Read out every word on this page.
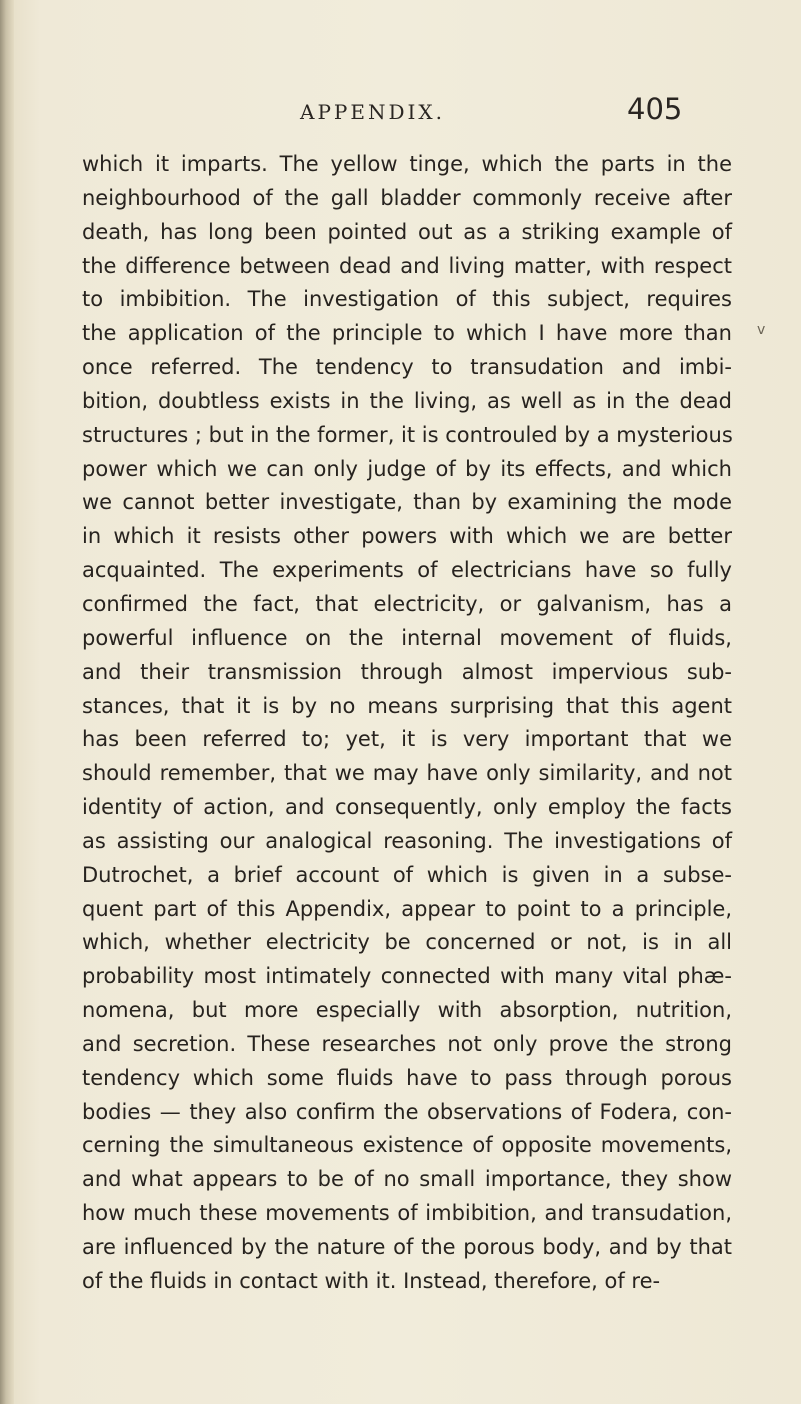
APPENDIX.	405
v
which it imparts. The yellow tinge, which the parts in the
neighbourhood of the gall bladder commonly receive after
death, has long been pointed out as a striking example of
the difference between dead and living matter, with respect
to imbibition. The investigation of this subject, requires
the application of the principle to which I have more than
once referred. The tendency to transudation and imbi-
bition, doubtless exists in the living, as well as in the dead
structures ; but in the former, it is controuled by a mysterious
power which we can only judge of by its effects, and which
we cannot better investigate, than by examining the mode
in which it resists other powers with which we are better
acquainted. The experiments of electricians have so fully
confirmed the fact, that electricity, or galvanism, has a
powerful influence on the internal movement of fluids,
and their transmission through almost impervious sub-
stances, that it is by no means surprising that this agent
has been referred to; yet, it is very important that we
should remember, that we may have only similarity, and not
identity of action, and consequently, only employ the facts
as assisting our analogical reasoning. The investigations of
Dutrochet, a brief account of which is given in a subse-
quent part of this Appendix, appear to point to a principle,
which, whether electricity be concerned or not, is in all
probability most intimately connected with many vital phæ-
nomena, but more especially with absorption, nutrition,
and secretion. These researches not only prove the strong
tendency which some fluids have to pass through porous
bodies — they also confirm the observations of Fodera, con-
cerning the simultaneous existence of opposite movements,
and what appears to be of no small importance, they show
how much these movements of imbibition, and transudation,
are influenced by the nature of the porous body, and by that
of the fluids in contact with it. Instead, therefore, of re-
